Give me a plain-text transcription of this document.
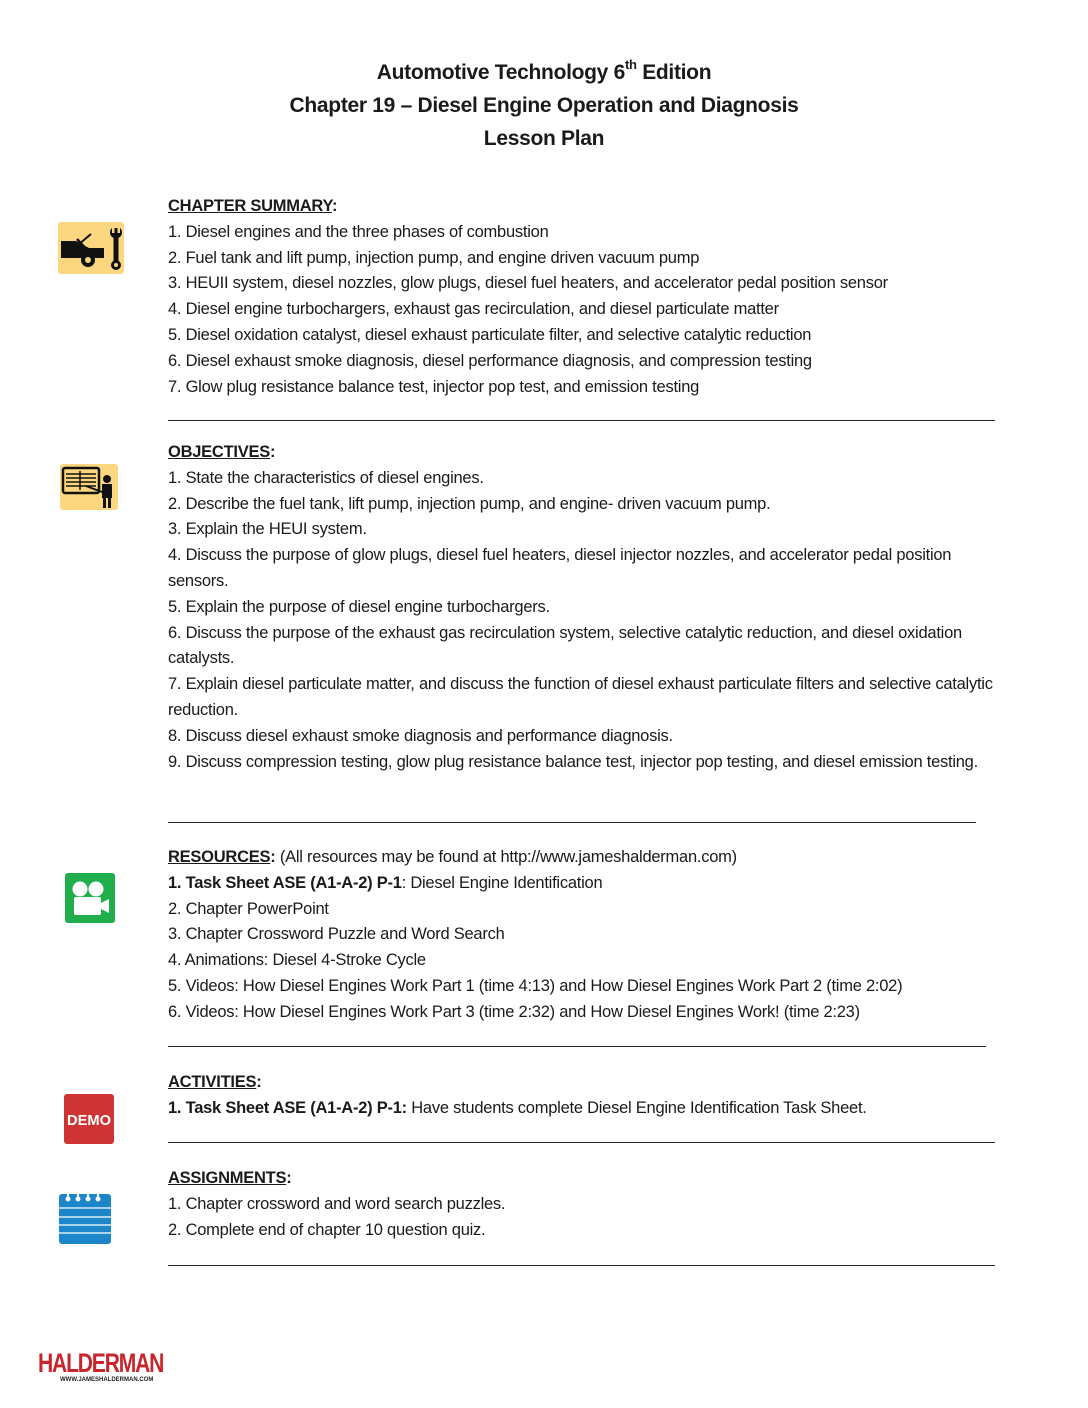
Automotive Technology 6th Edition
Chapter 19 – Diesel Engine Operation and Diagnosis
Lesson Plan
CHAPTER SUMMARY:
1. Diesel engines and the three phases of combustion
2. Fuel tank and lift pump, injection pump, and engine driven vacuum pump
3. HEUII system, diesel nozzles, glow plugs, diesel fuel heaters, and accelerator pedal position sensor
4. Diesel engine turbochargers, exhaust gas recirculation, and diesel particulate matter
5. Diesel oxidation catalyst, diesel exhaust particulate filter, and selective catalytic reduction
6. Diesel exhaust smoke diagnosis, diesel performance diagnosis, and compression testing
7. Glow plug resistance balance test, injector pop test, and emission testing
OBJECTIVES:
1. State the characteristics of diesel engines.
2. Describe the fuel tank, lift pump, injection pump, and engine- driven vacuum pump.
3. Explain the HEUI system.
4. Discuss the purpose of glow plugs, diesel fuel heaters, diesel injector nozzles, and accelerator pedal position sensors.
5. Explain the purpose of diesel engine turbochargers.
6. Discuss the purpose of the exhaust gas recirculation system, selective catalytic reduction, and diesel oxidation catalysts.
7. Explain diesel particulate matter, and discuss the function of diesel exhaust particulate filters and selective catalytic reduction.
8. Discuss diesel exhaust smoke diagnosis and performance diagnosis.
9. Discuss compression testing, glow plug resistance balance test, injector pop testing, and diesel emission testing.
RESOURCES: (All resources may be found at http://www.jameshalderman.com)
1. Task Sheet ASE (A1-A-2) P-1: Diesel Engine Identification
2. Chapter PowerPoint
3. Chapter Crossword Puzzle and Word Search
4. Animations: Diesel 4-Stroke Cycle
5. Videos: How Diesel Engines Work Part 1 (time 4:13) and How Diesel Engines Work Part 2 (time 2:02)
6. Videos: How Diesel Engines Work Part 3 (time 2:32) and How Diesel Engines Work! (time 2:23)
DEMO
ACTIVITIES:
1. Task Sheet ASE (A1-A-2) P-1: Have students complete Diesel Engine Identification Task Sheet.
ASSIGNMENTS:
1. Chapter crossword and word search puzzles.
2. Complete end of chapter 10 question quiz.
HALDERMAN
WWW.JAMESHALDERMAN.COM
